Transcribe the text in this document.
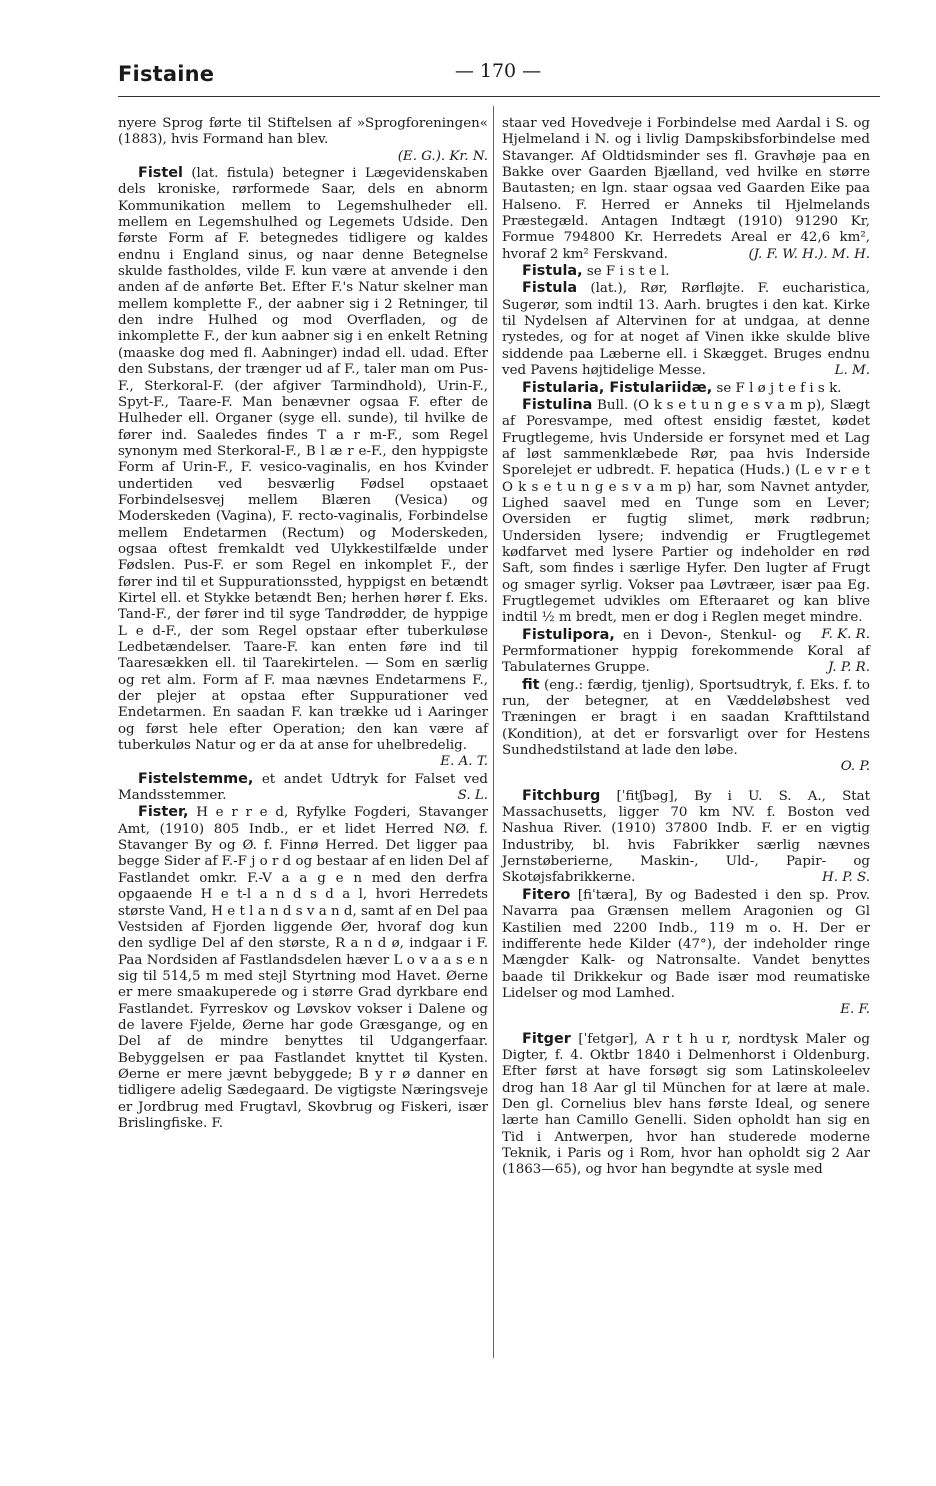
Fistaine	— 170 —

nyere Sprog førte til Stiftelsen af »Sprogforeningen« (1883), hvis Formand han blev.

(E. G.). Kr. N.

Fistel (lat. fistula) betegner i Lægevidenskaben dels kroniske, rørformede Saar, dels en abnorm Kommunikation mellem to Legemshulheder ell. mellem en Legemshulhed og Legemets Udside. Den første Form af F. betegnedes tidligere og kaldes endnu i England sinus, og naar denne Betegnelse skulde fastholdes, vilde F. kun være at anvende i den anden af de anførte Bet. Efter F.'s Natur skelner man mellem komplette F., der aabner sig i 2 Retninger, til den indre Hulhed og mod Overfladen, og de inkomplette F., der kun aabner sig i en enkelt Retning (maaske dog med fl. Aabninger) indad ell. udad. Efter den Substans, der trænger ud af F., taler man om Pus-F., Sterkoral-F. (der afgiver Tarmindhold), Urin-F., Spyt-F., Taare-F. Man benævner ogsaa F. efter de Hulheder ell. Organer (syge ell. sunde), til hvilke de fører ind. Saaledes findes T a r m-F., som Regel synonym med Sterkoral-F., B l æ r e-F., den hyppigste Form af Urin-F., F. vesico-vaginalis, en hos Kvinder undertiden ved besværlig Fødsel opstaaet Forbindelsesvej mellem Blæren (Vesica) og Moderskeden (Vagina), F. recto-vaginalis, Forbindelse mellem Endetarmen (Rectum) og Moderskeden, ogsaa oftest fremkaldt ved Ulykkestilfælde under Fødslen. Pus-F. er som Regel en inkomplet F., der fører ind til et Suppurationssted, hyppigst en betændt Kirtel ell. et Stykke betændt Ben; herhen hører f. Eks. Tand-F., der fører ind til syge Tandrødder, de hyppige L e d-F., der som Regel opstaar efter tuberkuløse Ledbetændelser. Taare-F. kan enten føre ind til Taaresækken ell. til Taarekirtelen. — Som en særlig og ret alm. Form af F. maa nævnes Endetarmens F., der plejer at opstaa efter Suppurationer ved Endetarmen. En saadan F. kan trække ud i Aaringer og først hele efter Operation; den kan være af tuberkuløs Natur og er da at anse for uhelbredelig.

E. A. T.

Fistelstemme, et andet Udtryk for Falset ved Mandsstemmer.	S. L.

Fister, H e r r e d, Ryfylke Fogderi, Stavanger Amt, (1910) 805 Indb., er et lidet Herred NØ. f. Stavanger By og Ø. f. Finnø Herred. Det ligger paa begge Sider af F.-F j o r d og bestaar af en liden Del af Fastlandet omkr. F.-V a a g e n med den derfra opgaaende H e t-l a n d s d a l, hvori Herredets største Vand, H e t l a n d s v a n d, samt af en Del paa Vestsiden af Fjorden liggende Øer, hvoraf dog kun den sydlige Del af den største, R a n d ø, indgaar i F. Paa Nordsiden af Fastlandsdelen hæver L o v a a s e n sig til 514,5 m med stejl Styrtning mod Havet. Øerne er mere smaakuperede og i større Grad dyrkbare end Fastlandet. Fyrreskov og Løvskov vokser i Dalene og de lavere Fjelde, Øerne har gode Græsgange, og en Del af de mindre benyttes til Udgangerfaar. Bebyggelsen er paa Fastlandet knyttet til Kysten. Øerne er mere jævnt bebyggede; B y r ø danner en tidligere adelig Sædegaard. De vigtigste Næringsveje er Jordbrug med Frugtavl, Skovbrug og Fiskeri, især Brislingfiske. F.

staar ved Hovedveje i Forbindelse med Aardal i S. og Hjelmeland i N. og i livlig Dampskibsforbindelse med Stavanger. Af Oldtidsminder ses fl. Gravhøje paa en Bakke over Gaarden Bjælland, ved hvilke en større Bautasten; en lgn. staar ogsaa ved Gaarden Eike paa Halseno. F. Herred er Anneks til Hjelmelands Præstegæld. Antagen Indtægt (1910) 91290 Kr, Formue 794800 Kr. Herredets Areal er 42,6 km², hvoraf 2 km² Ferskvand.	(J. F. W. H.). M. H.

Fistula, se F i s t e l.

Fistula (lat.), Rør, Rørfløjte. F. eucharistica, Sugerør, som indtil 13. Aarh. brugtes i den kat. Kirke til Nydelsen af Altervinen for at undgaa, at denne rystedes, og for at noget af Vinen ikke skulde blive siddende paa Læberne ell. i Skægget. Bruges endnu ved Pavens højtidelige Messe.	L. M.

Fistularia, Fistulariidæ, se F l ø j t e f i s k.

Fistulina Bull. (O k s e t u n g e s v a m p), Slægt af Poresvampe, med oftest ensidig fæstet, kødet Frugtlegeme, hvis Underside er forsynet med et Lag af løst sammenklæbede Rør, paa hvis Inderside Sporelejet er udbredt. F. hepatica (Huds.) (L e v r e t O k s e t u n g e s v a m p) har, som Navnet antyder, Lighed saavel med en Tunge som en Lever; Oversiden er fugtig slimet, mørk rødbrun; Undersiden lysere; indvendig er Frugtlegemet kødfarvet med lysere Partier og indeholder en rød Saft, som findes i særlige Hyfer. Den lugter af Frugt og smager syrlig. Vokser paa Løvtræer, især paa Eg. Frugtlegemet udvikles om Efteraaret og kan blive indtil ½ m bredt, men er dog i Reglen meget mindre.
F. K. R.

Fistulipora, en i Devon-, Stenkul- og Permformationer hyppig forekommende Koral af Tabulaternes Gruppe.	J. P. R.

fit (eng.: færdig, tjenlig), Sportsudtryk, f. Eks. f. to run, der betegner, at en Væddeløbshest ved Træningen er bragt i en saadan Krafttilstand (Kondition), at det er forsvarligt over for Hestens Sundhedstilstand at lade den løbe.

O. P.

Fitchburg [ˈfitʃbəg], By i U. S. A., Stat Massachusetts, ligger 70 km NV. f. Boston ved Nashua River. (1910) 37800 Indb. F. er en vigtig Industriby, bl. hvis Fabrikker særlig nævnes Jernstøberierne, Maskin-, Uld-, Papir- og Skotøjsfabrikkerne.	H. P. S.

Fitero [fiˈtæra], By og Badested i den sp. Prov. Navarra paa Grænsen mellem Aragonien og Gl Kastilien med 2200 Indb., 119 m o. H. Der er indifferente hede Kilder (47°), der indeholder ringe Mængder Kalk- og Natronsalte. Vandet benyttes baade til Drikkekur og Bade især mod reumatiske Lidelser og mod Lamhed.

E. F.

Fitger [ˈfetgər], A r t h u r, nordtysk Maler og Digter, f. 4. Oktbr 1840 i Delmenhorst i Oldenburg. Efter først at have forsøgt sig som Latinskoleelev drog han 18 Aar gl til München for at lære at male. Den gl. Cornelius blev hans første Ideal, og senere lærte han Camillo Genelli. Siden opholdt han sig en Tid i Antwerpen, hvor han studerede moderne Teknik, i Paris og i Rom, hvor han opholdt sig 2 Aar (1863—65), og hvor han begyndte at sysle med
